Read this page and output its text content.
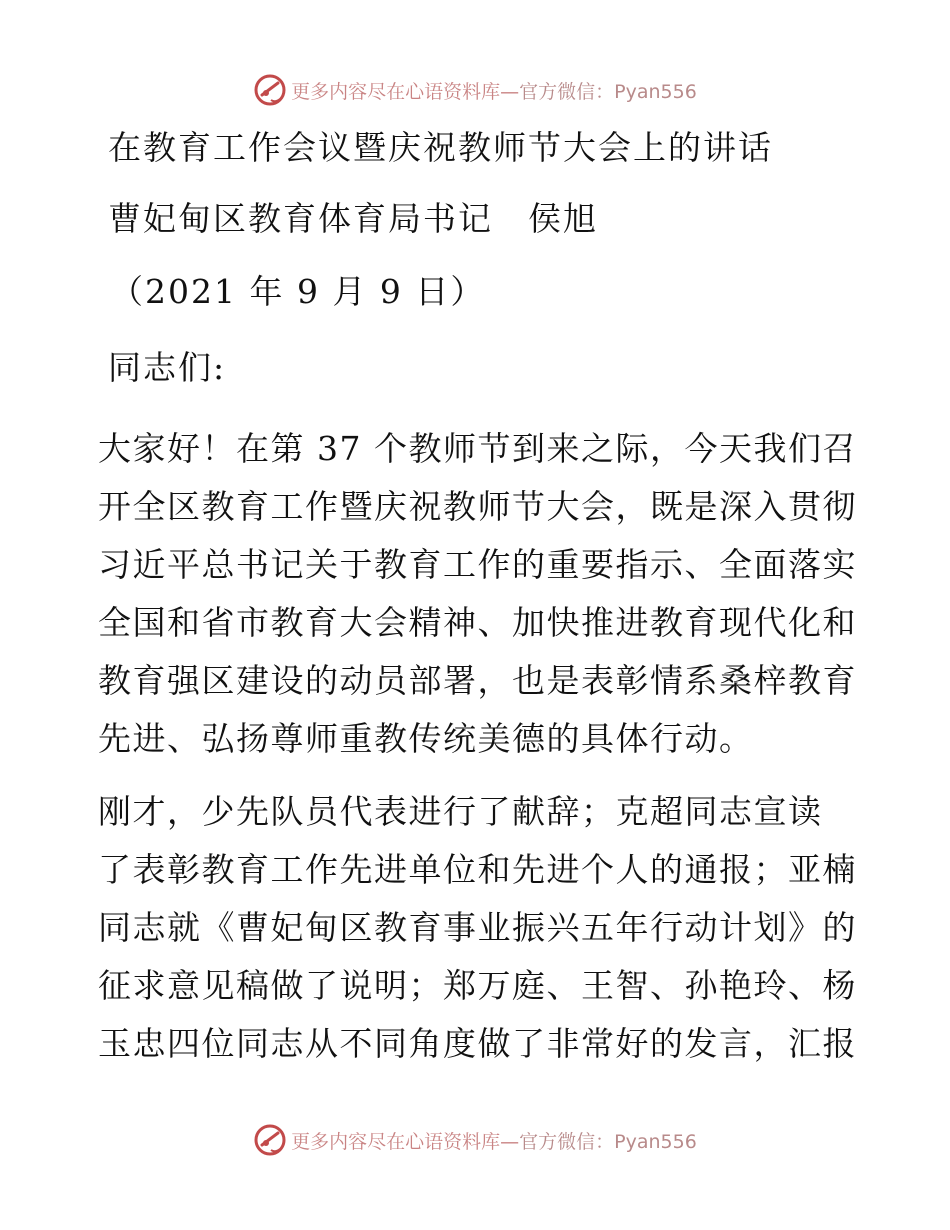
更多内容尽在心语资料库—官方微信：Pyan556
在教育工作会议暨庆祝教师节大会上的讲话
曹妃甸区教育体育局书记　侯旭
（2021 年 9 月 9 日）
同志们:
大家好！在第 37 个教师节到来之际，今天我们召
开全区教育工作暨庆祝教师节大会，既是深入贯彻
习近平总书记关于教育工作的重要指示、全面落实
全国和省市教育大会精神、加快推进教育现代化和
教育强区建设的动员部署，也是表彰情系桑梓教育
先进、弘扬尊师重教传统美德的具体行动。
刚才，少先队员代表进行了献辞；克超同志宣读
了表彰教育工作先进单位和先进个人的通报；亚楠
同志就《曹妃甸区教育事业振兴五年行动计划》的
征求意见稿做了说明；郑万庭、王智、孙艳玲、杨
玉忠四位同志从不同角度做了非常好的发言，汇报
更多内容尽在心语资料库—官方微信：Pyan556
